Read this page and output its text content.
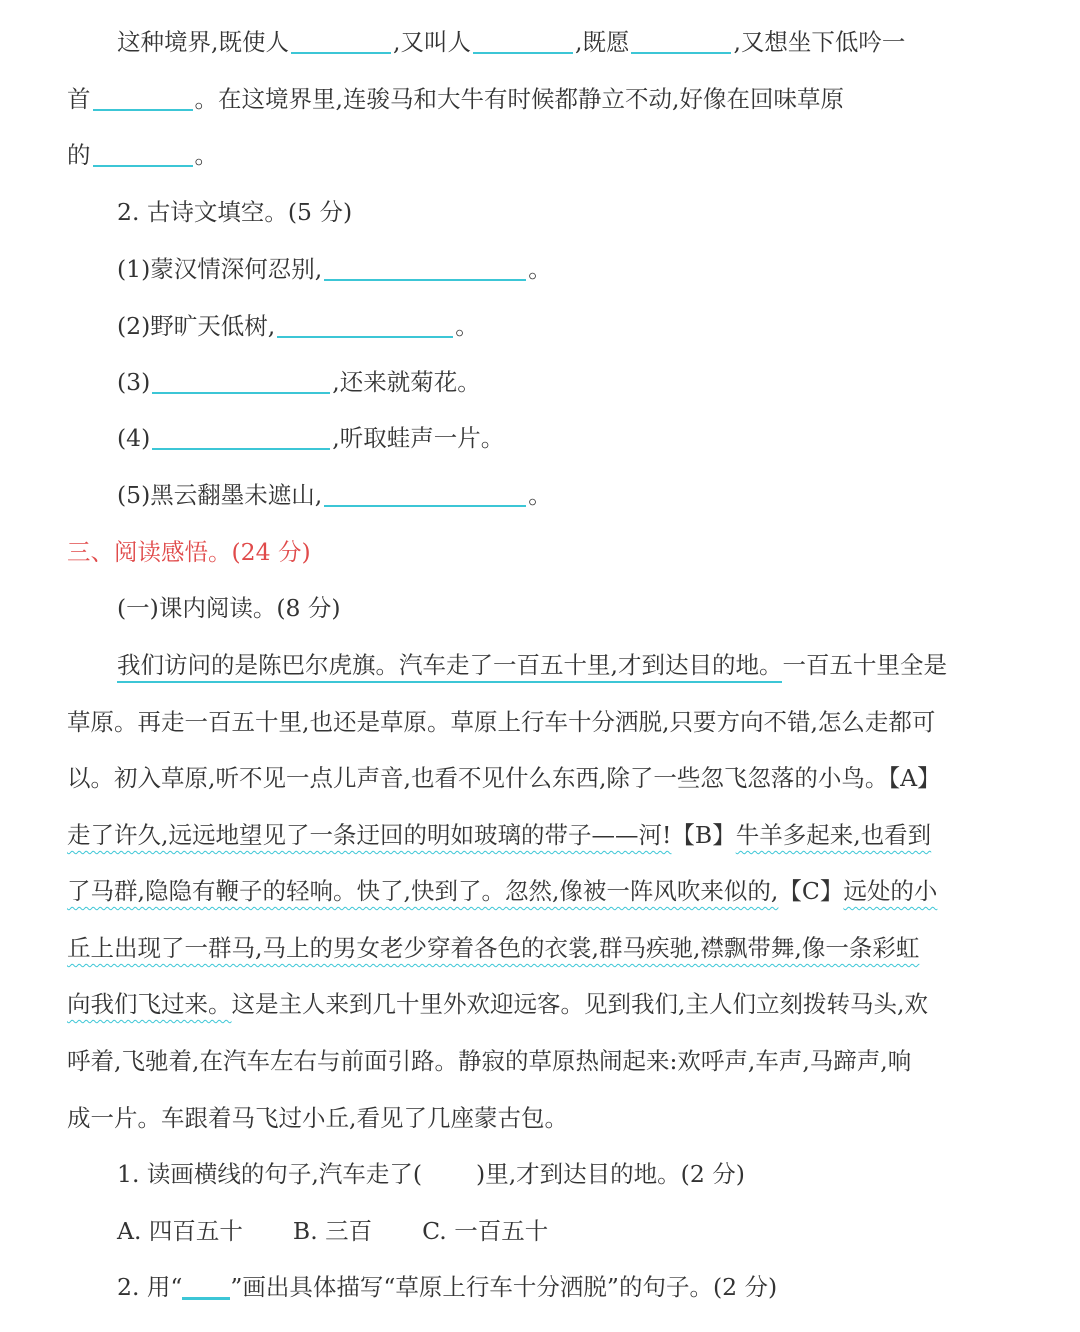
这种境界,既使人	,又叫人	,既愿	,又想坐下低吟一
首	。在这境界里,连骏马和大牛有时候都静立不动,好像在回味草原
的	。
2. 古诗文填空。(5 分)
(1)蒙汉情深何忍别,	。
(2)野旷天低树,	。
(3)	,还来就菊花。
(4)	,听取蛙声一片。
(5)黑云翻墨未遮山,	。
三、阅读感悟。(24 分)
(一)课内阅读。(8 分)
我们访问的是陈巴尔虎旗。汽车走了一百五十里,才到达目的地。一百五十里全是
草原。再走一百五十里,也还是草原。草原上行车十分洒脱,只要方向不错,怎么走都可
以。初入草原,听不见一点儿声音,也看不见什么东西,除了一些忽飞忽落的小鸟。【A】
走了许久,远远地望见了一条迂回的明如玻璃的带子——河!【B】牛羊多起来,也看到
了马群,隐隐有鞭子的轻响。快了,快到了。忽然,像被一阵风吹来似的,【C】远处的小
丘上出现了一群马,马上的男女老少穿着各色的衣裳,群马疾驰,襟飘带舞,像一条彩虹
向我们飞过来。这是主人来到几十里外欢迎远客。见到我们,主人们立刻拨转马头,欢
呼着,飞驰着,在汽车左右与前面引路。静寂的草原热闹起来:欢呼声,车声,马蹄声,响
成一片。车跟着马飞过小丘,看见了几座蒙古包。
1. 读画横线的句子,汽车走了( )里,才到达目的地。(2 分)
A. 四百五十 B. 三百 C. 一百五十
2. 用“ ”画出具体描写“草原上行车十分洒脱”的句子。(2 分)
